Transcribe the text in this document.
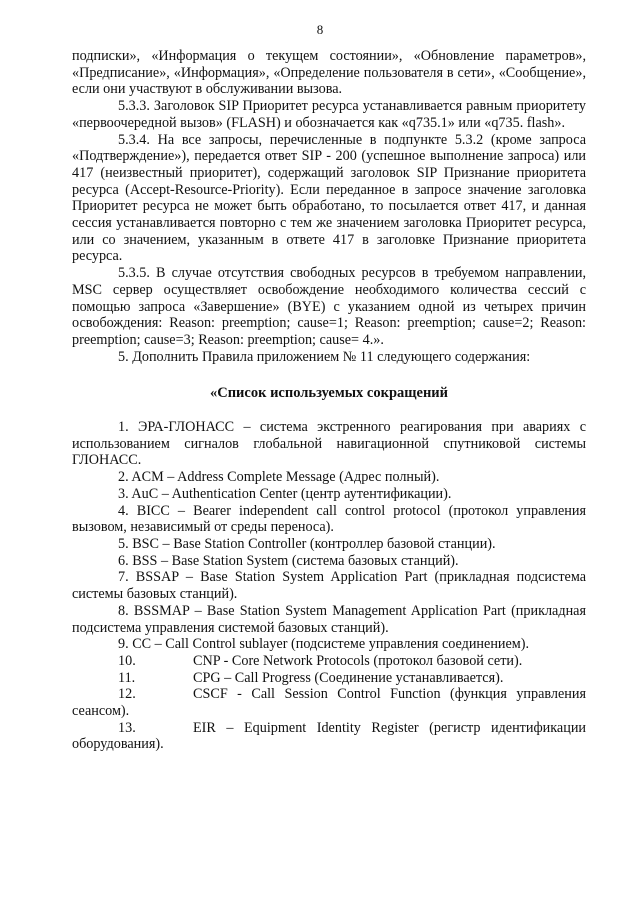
8

подписки», «Информация о текущем состоянии», «Обновление параметров», «Предписание», «Информация», «Определение пользователя в сети», «Сообщение», если они участвуют в обслуживании вызова.

5.3.3. Заголовок SIP Приоритет ресурса устанавливается равным приоритету «первоочередной вызов» (FLASH) и обозначается как «q735.1» или «q735. flash».

5.3.4. На все запросы, перечисленные в подпункте 5.3.2 (кроме запроса «Подтверждение»), передается ответ SIP - 200 (успешное выполнение запроса) или 417 (неизвестный приоритет), содержащий заголовок SIP Признание приоритета ресурса (Accept-Resource-Priority). Если переданное в запросе значение заголовка Приоритет ресурса не может быть обработано, то посылается ответ 417, и данная сессия устанавливается повторно с тем же значением заголовка Приоритет ресурса, или со значением, указанным в ответе 417 в заголовке Признание приоритета ресурса.

5.3.5. В случае отсутствия свободных ресурсов в требуемом направлении, MSC сервер осуществляет освобождение необходимого количества сессий с помощью запроса «Завершение» (BYE) с указанием одной из четырех причин освобождения: Reason: preemption; cause=1; Reason: preemption; cause=2; Reason: preemption; cause=3; Reason: preemption; cause= 4.».

5. Дополнить Правила приложением № 11 следующего содержания:

«Список используемых сокращений

1. ЭРА-ГЛОНАСС – система экстренного реагирования при авариях с использованием сигналов глобальной навигационной спутниковой системы ГЛОНАСС.

2. ACM – Address Complete Message (Адрес полный).

3. AuC – Authentication Center (центр аутентификации).

4. BICC – Bearer independent call control protocol (протокол управления вызовом, независимый от среды переноса).

5. BSC – Base Station Controller (контроллер базовой станции).

6. BSS – Base Station System (система базовых станций).

7. BSSAP – Base Station System Application Part (прикладная подсистема системы базовых станций).

8. BSSMAP – Base Station System Management Application Part (прикладная подсистема управления системой базовых станций).

9. CC – Call Control sublayer (подсистеме управления соединением).

10.	CNP - Core Network Protocols (протокол базовой сети).

11.	CPG – Call Progress (Соединение устанавливается).

12.	CSCF - Call Session Control Function (функция управления сеансом).

13.	EIR – Equipment Identity Register (регистр идентификации оборудования).
